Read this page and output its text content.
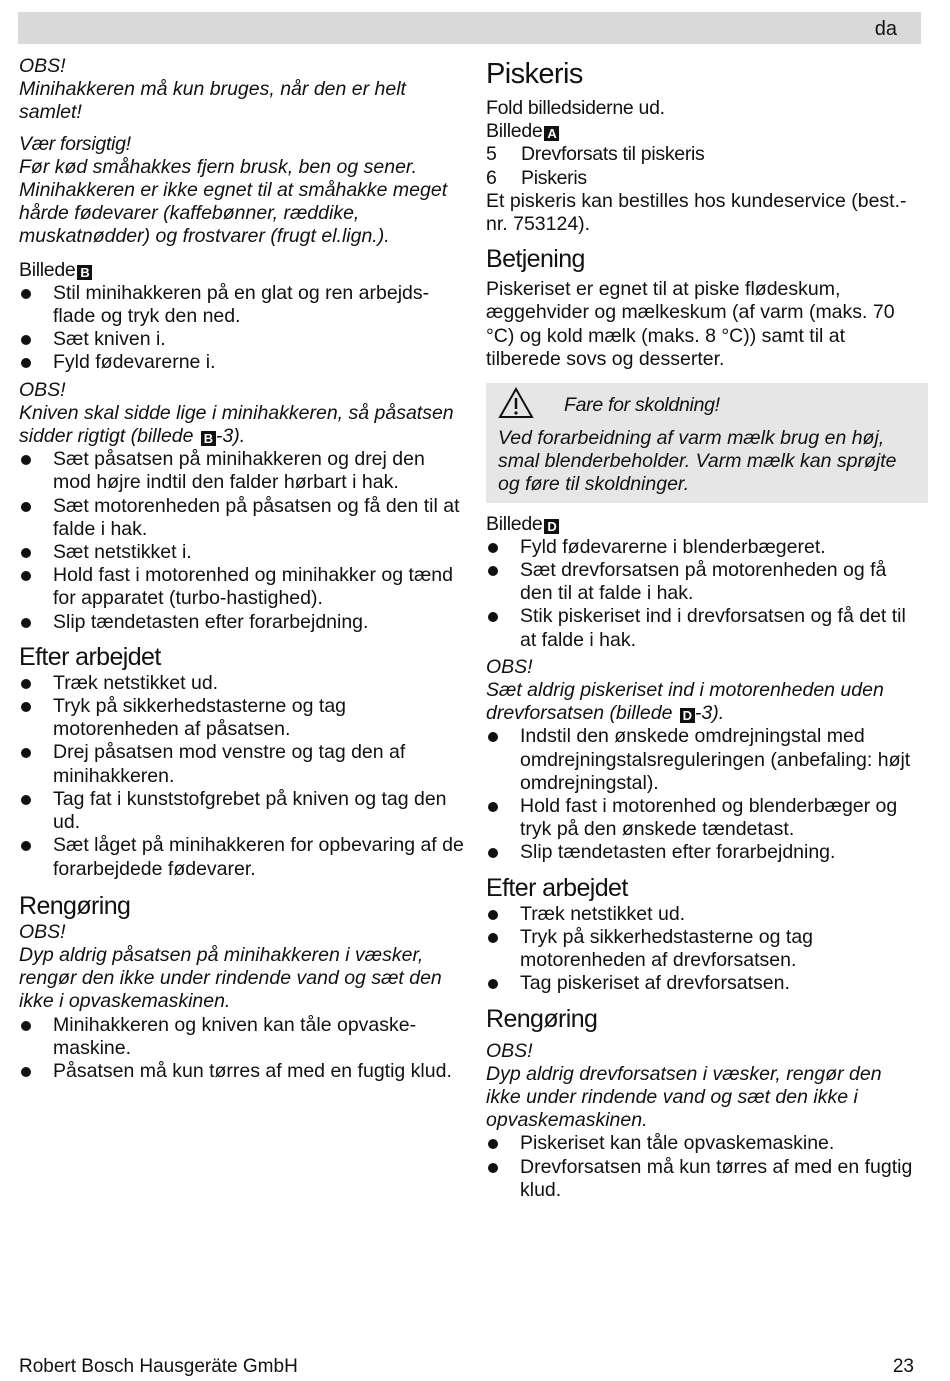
da

OBS!

Minihakkeren må kun bruges, når den er helt samlet!

Vær forsigtig!

Før kød småhakkes fjern brusk, ben og sener. Minihakkeren er ikke egnet til at småhakke meget hårde fødevarer (kaffebønner, ræddike, muskatnødder) og frostvarer (frugt el.lign.).

Billede B

Stil minihakkeren på en glat og ren arbejdsflade og tryk den ned.
Sæt kniven i.
Fyld fødevarerne i.

OBS!

Kniven skal sidde lige i minihakkeren, så påsatsen sidder rigtigt (billede B -3).

Sæt påsatsen på minihakkeren og drej den mod højre indtil den falder hørbart i hak.
Sæt motorenheden på påsatsen og få den til at falde i hak.
Sæt netstikket i.
Hold fast i motorenhed og minihakker og tænd for apparatet (turbo-hastighed).
Slip tændetasten efter forarbejdning.

Efter arbejdet

Træk netstikket ud.
Tryk på sikkerhedstasterne og tag motorenheden af påsatsen.
Drej påsatsen mod venstre og tag den af minihakkeren.
Tag fat i kunststofgrebet på kniven og tag den ud.
Sæt låget på minihakkeren for opbevaring af de forarbejdede fødevarer.

Rengøring

OBS!

Dyp aldrig påsatsen på minihakkeren i væsker, rengør den ikke under rindende vand og sæt den ikke i opvaskemaskinen.

Minihakkeren og kniven kan tåle opvaskemaskine.
Påsatsen må kun tørres af med en fugtig klud.

Piskeris

Fold billedsiderne ud.

Billede A

5	Drevforsats til piskeris
6	Piskeris

Et piskeris kan bestilles hos kundeservice (best.-nr. 753124).

Betjening

Piskeriset er egnet til at piske flødeskum, æggehvider og mælkeskum (af varm (maks. 70 °C) og kold mælk (maks. 8 °C)) samt til at tilberede sovs og desserter.

Fare for skoldning!

Ved forarbeidning af varm mælk brug en høj, smal blenderbeholder. Varm mælk kan sprøjte og føre til skoldninger.

Billede D

Fyld fødevarerne i blenderbægeret.
Sæt drevforsatsen på motorenheden og få den til at falde i hak.
Stik piskeriset ind i drevforsatsen og få det til at falde i hak.

OBS!

Sæt aldrig piskeriset ind i motorenheden uden drevforsatsen (billede D -3).

Indstil den ønskede omdrejningstal med omdrejningstalsreguleringen (anbefaling: højt omdrejningstal).
Hold fast i motorenhed og blenderbæger og tryk på den ønskede tændetast.
Slip tændetasten efter forarbejdning.

Efter arbejdet

Træk netstikket ud.
Tryk på sikkerhedstasterne og tag motorenheden af drevforsatsen.
Tag piskeriset af drevforsatsen.

Rengøring

OBS!

Dyp aldrig drevforsatsen i væsker, rengør den ikke under rindende vand og sæt den ikke i opvaskemaskinen.

Piskeriset kan tåle opvaskemaskine.
Drevforsatsen må kun tørres af med en fugtig klud.
Robert Bosch Hausgeräte GmbH	23
